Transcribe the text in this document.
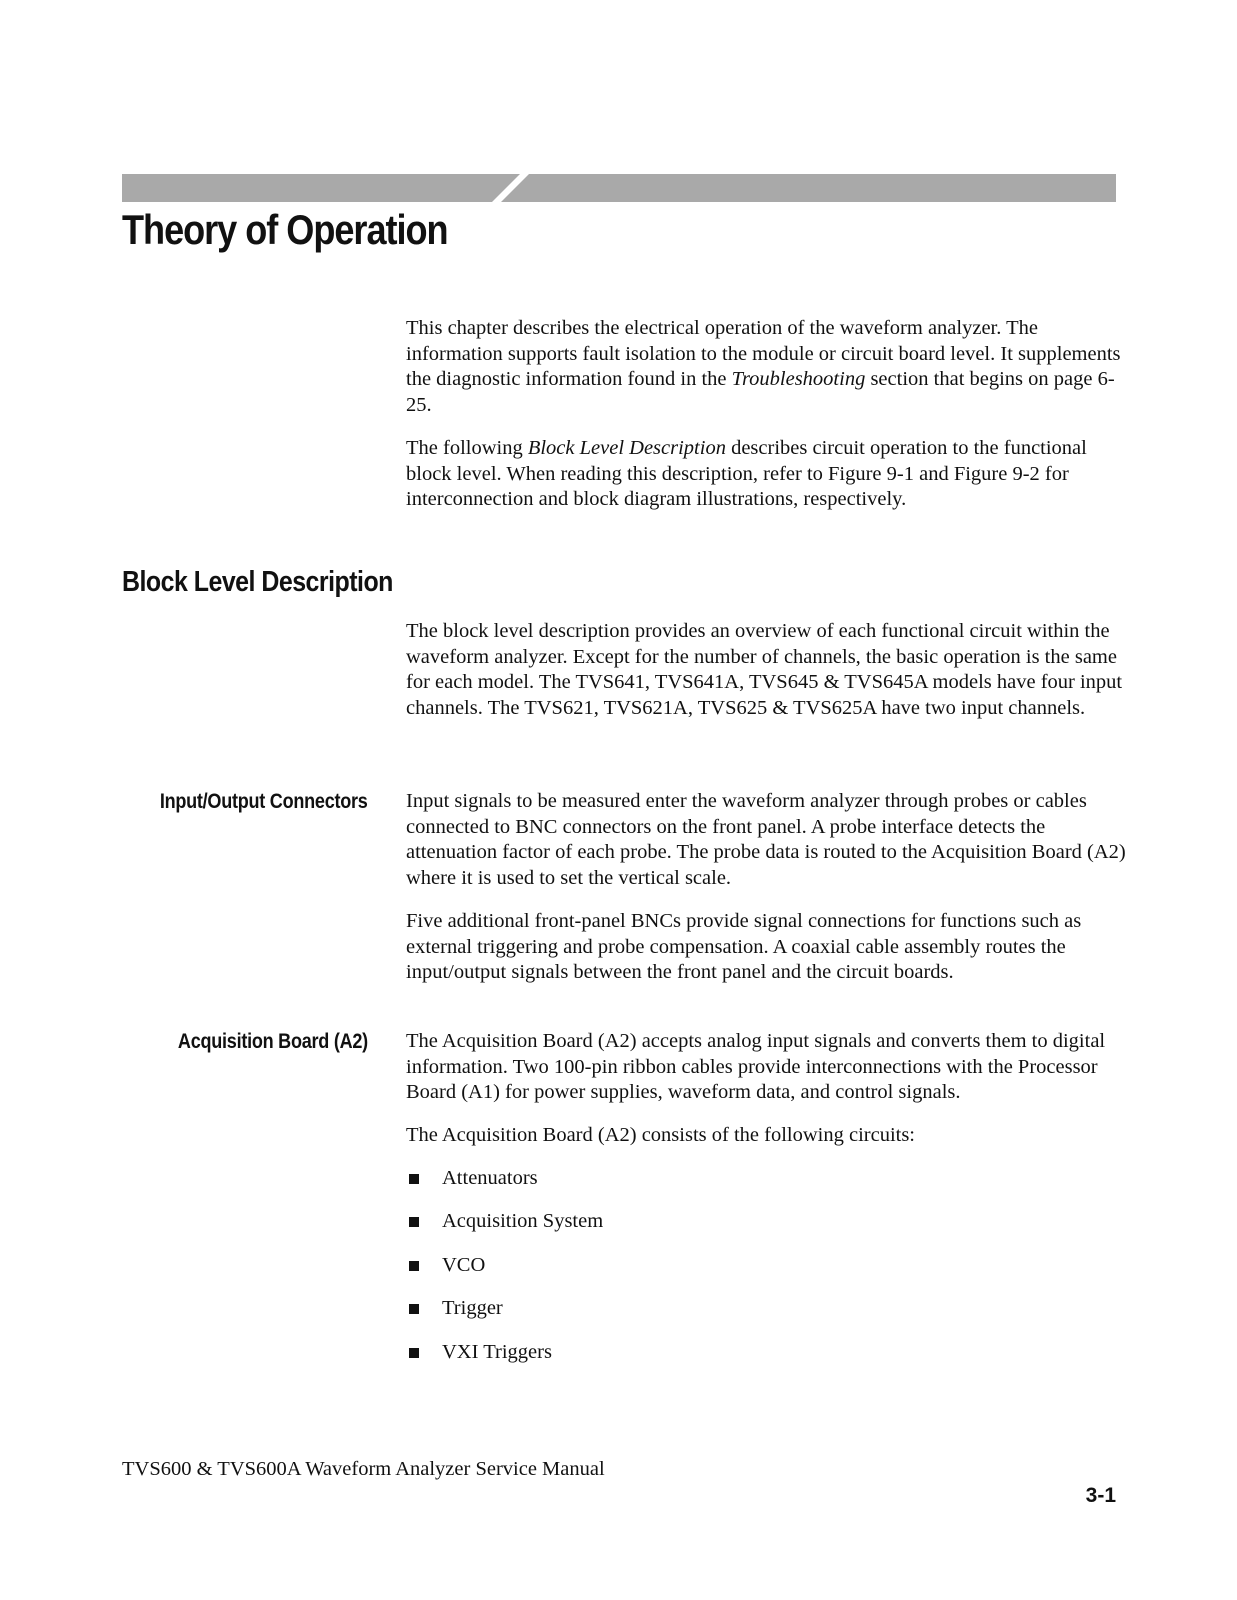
Theory of Operation

This chapter describes the electrical operation of the waveform analyzer. The information supports fault isolation to the module or circuit board level. It supplements the diagnostic information found in the Troubleshooting section that begins on page 6-25.

The following Block Level Description describes circuit operation to the functional block level. When reading this description, refer to Figure 9-1 and Figure 9-2 for interconnection and block diagram illustrations, respectively.

Block Level Description

The block level description provides an overview of each functional circuit within the waveform analyzer. Except for the number of channels, the basic operation is the same for each model. The TVS641, TVS641A, TVS645 & TVS645A models have four input channels. The TVS621, TVS621A, TVS625 & TVS625A have two input channels.

Input/Output Connectors Input signals to be measured enter the waveform analyzer through probes or cables connected to BNC connectors on the front panel. A probe interface detects the attenuation factor of each probe. The probe data is routed to the Acquisition Board (A2) where it is used to set the vertical scale.

Five additional front-panel BNCs provide signal connections for functions such as external triggering and probe compensation. A coaxial cable assembly routes the input/output signals between the front panel and the circuit boards.

Acquisition Board (A2) The Acquisition Board (A2) accepts analog input signals and converts them to digital information. Two 100-pin ribbon cables provide interconnections with the Processor Board (A1) for power supplies, waveform data, and control signals.

The Acquisition Board (A2) consists of the following circuits:

Attenuators
Acquisition System
VCO
Trigger
VXI Triggers
TVS600 & TVS600A Waveform Analyzer Service Manual
3-1
